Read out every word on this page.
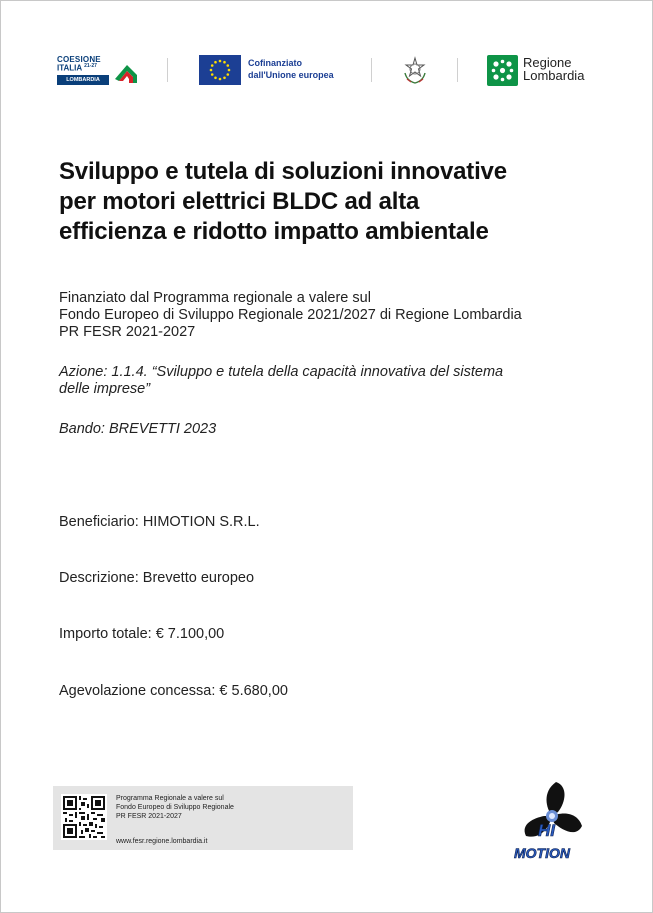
COESIONE
ITALIA $^{21-27}$
LOMBARDIA
Cofinanziato
dall'Unione europea
Regione
Lombardia
Sviluppo e tutela di soluzioni innovative
per motori elettrici BLDC ad alta
efficienza e ridotto impatto ambientale
Finanziato dal Programma regionale a valere sul
Fondo Europeo di Sviluppo Regionale 2021/2027 di Regione Lombardia
PR FESR 2021-2027
Azione: 1.1.4. “Sviluppo e tutela della capacità innovativa del sistema
delle imprese”
Bando: BREVETTI 2023
Beneficiario: HIMOTION S.R.L.
Descrizione: Brevetto europeo
Importo totale: € 7.100,00
Agevolazione concessa: € 5.680,00
Programma Regionale a valere sul
Fondo Europeo di Sviluppo Regionale
PR FESR 2021-2027
www.fesr.regione.lombardia.it
HI
MOTION
